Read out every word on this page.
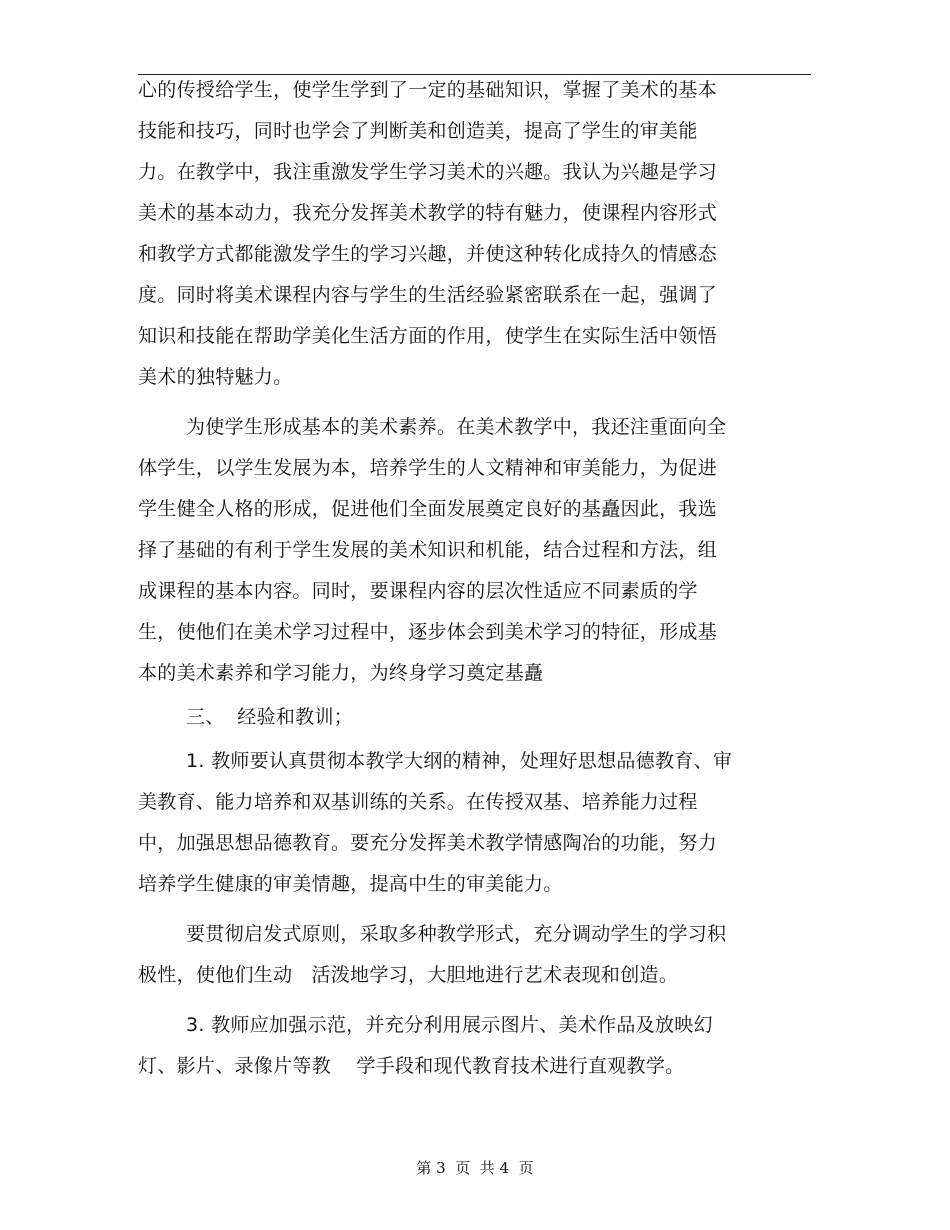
心的传授给学生，使学生学到了一定的基础知识，掌握了美术的基本
技能和技巧，同时也学会了判断美和创造美，提高了学生的审美能
力。在教学中，我注重激发学生学习美术的兴趣。我认为兴趣是学习
美术的基本动力，我充分发挥美术教学的特有魅力，使课程内容形式
和教学方式都能激发学生的学习兴趣，并使这种转化成持久的情感态
度。同时将美术课程内容与学生的生活经验紧密联系在一起，强调了
知识和技能在帮助学美化生活方面的作用，使学生在实际生活中领悟
美术的独特魅力。
为使学生形成基本的美术素养。在美术教学中，我还注重面向全
体学生，以学生发展为本，培养学生的人文精神和审美能力，为促进
学生健全人格的形成，促进他们全面发展奠定良好的基矗因此，我选
择了基础的有利于学生发展的美术知识和机能，结合过程和方法，组
成课程的基本内容。同时，要课程内容的层次性适应不同素质的学
生，使他们在美术学习过程中，逐步体会到美术学习的特征，形成基
本的美术素养和学习能力，为终身学习奠定基矗
三、  经验和教训；
1. 教师要认真贯彻本教学大纲的精神，处理好思想品德教育、审
美教育、能力培养和双基训练的关系。在传授双基、培养能力过程
中，加强思想品德教育。要充分发挥美术教学情感陶冶的功能，努力
培养学生健康的审美情趣，提高中生的审美能力。
要贯彻启发式原则，采取多种教学形式，充分调动学生的学习积
极性，使他们生动   活泼地学习，大胆地进行艺术表现和创造。
3. 教师应加强示范，并充分利用展示图片、美术作品及放映幻
灯、影片、录像片等教    学手段和现代教育技术进行直观教学。
第 3  页  共 4  页
